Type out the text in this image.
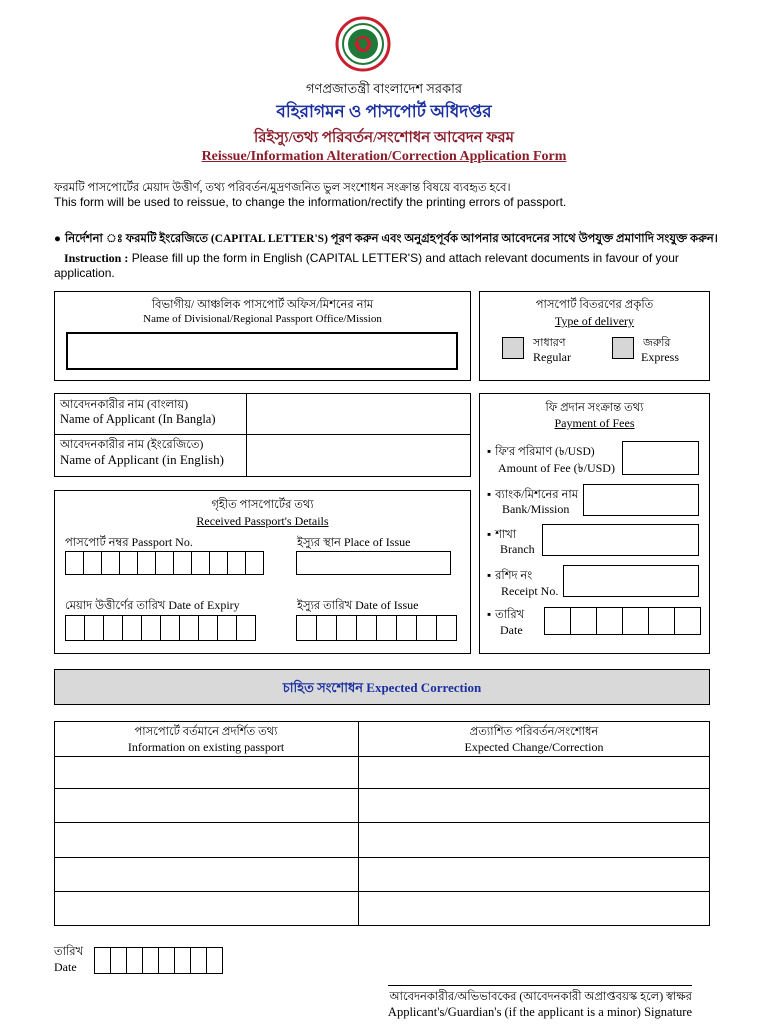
গণপ্রজাতন্ত্রী বাংলাদেশ সরকার
বহিরাগমন ও পাসপোর্ট অধিদপ্তর
রিইস্যু/তথ্য পরিবর্তন/সংশোধন আবেদন ফরম
Reissue/Information Alteration/Correction Application Form
ফরমটি পাসপোর্টের মেয়াদ উত্তীর্ণ, তথ্য পরিবর্তন/মুদ্রণজনিত ভুল সংশোধন সংক্রান্ত বিষয়ে ব্যবহৃত হবে।
This form will be used to reissue, to change the information/rectify the printing errors of passport.
● নির্দেশনা ঃ ফরমটি ইংরেজিতে (CAPITAL LETTER'S) পূরণ করুন এবং অনুগ্রহপূর্বক আপনার আবেদনের সাথে উপযুক্ত প্রমাণাদি সংযুক্ত করুন।
Instruction : Please fill up the form in English (CAPITAL LETTER'S) and attach relevant documents in favour of your application.
বিভাগীয়/ আঞ্চলিক পাসপোর্ট অফিস/মিশনের নাম
Name of Divisional/Regional Passport Office/Mission
পাসপোর্ট বিতরণের প্রকৃতি
Type of delivery
সাধারণ
Regular
জরুরি
Express
আবেদনকারীর নাম (বাংলায়)
Name of Applicant (In Bangla)
আবেদনকারীর নাম (ইংরেজিতে)
Name of Applicant (in English)
গৃহীত পাসপোর্টের তথ্য
Received Passport's Details
পাসপোর্ট নম্বর Passport No.	ইস্যুর স্থান Place of Issue
মেয়াদ উত্তীর্ণের তারিখ Date of Expiry	ইস্যুর তারিখ Date of Issue
ফি প্রদান সংক্রান্ত তথ্য
Payment of Fees
▪ ফি'র পরিমাণ (৳/USD)
Amount of Fee (৳/USD)
▪ ব্যাংক/মিশনের নাম
Bank/Mission
▪ শাখা
Branch
▪ রশিদ নং
Receipt No.
▪ তারিখ
Date
চাহিত সংশোধন Expected Correction
পাসপোর্টে বর্তমানে প্রদর্শিত তথ্য
Information on existing passport
প্রত্যাশিত পরিবর্তন/সংশোধন
Expected Change/Correction
তারিখ
Date
আবেদনকারীর/অভিভাবকের (আবেদনকারী অপ্রাপ্তবয়স্ক হলে) স্বাক্ষর
Applicant's/Guardian's (if the applicant is a minor) Signature
